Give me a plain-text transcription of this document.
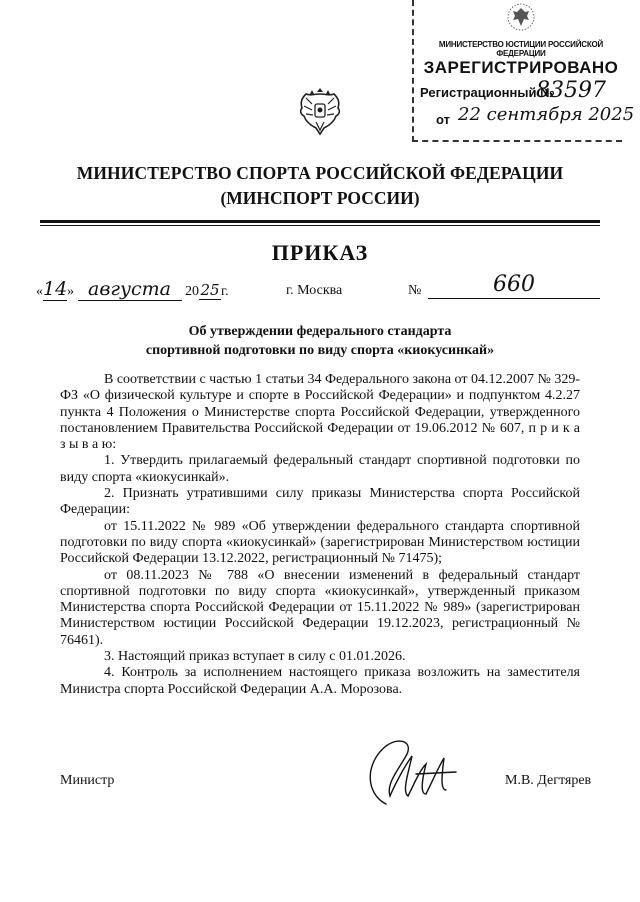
МИНИСТЕРСТВО ЮСТИЦИИ РОССИЙСКОЙ ФЕДЕРАЦИИ
ЗАРЕГИСТРИРОВАНО
Регистрационный №
83597
от 22 сентября 2025
МИНИСТЕРСТВО СПОРТА РОССИЙСКОЙ ФЕДЕРАЦИИ
(МИНСПОРТ РОССИИ)
ПРИКАЗ
«14» августа 2025г.	г. Москва	№	660
Об утверждении федерального стандарта
спортивной подготовки по виду спорта «киокусинкай»

В соответствии с частью 1 статьи 34 Федерального закона от 04.12.2007 № 329-ФЗ «О физической культуре и спорте в Российской Федерации» и подпунктом 4.2.27 пункта 4 Положения о Министерстве спорта Российской Федерации, утвержденного постановлением Правительства Российской Федерации от 19.06.2012 № 607, п р и к а з ы в а ю:

1. Утвердить прилагаемый федеральный стандарт спортивной подготовки по виду спорта «киокусинкай».

2. Признать утратившими силу приказы Министерства спорта Российской Федерации:

от 15.11.2022 № 989 «Об утверждении федерального стандарта спортивной подготовки по виду спорта «киокусинкай» (зарегистрирован Министерством юстиции Российской Федерации 13.12.2022, регистрационный № 71475);

от 08.11.2023 № 788 «О внесении изменений в федеральный стандарт спортивной подготовки по виду спорта «киокусинкай», утвержденный приказом Министерства спорта Российской Федерации от 15.11.2022 № 989» (зарегистрирован Министерством юстиции Российской Федерации 19.12.2023, регистрационный № 76461).

3. Настоящий приказ вступает в силу с 01.01.2026.

4. Контроль за исполнением настоящего приказа возложить на заместителя Министра спорта Российской Федерации А.А. Морозова.

Министр	М.В. Дегтярев
